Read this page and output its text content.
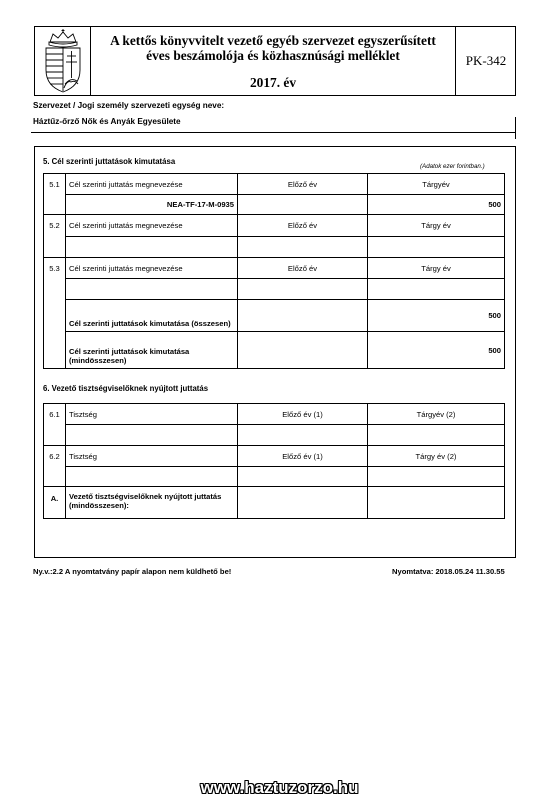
A kettős könyvvitelt vezető egyéb szervezet egyszerűsített
éves beszámolója és közhasznúsági melléklet
2017. év
PK-342
Szervezet / Jogi személy szervezeti egység neve:
Háztűz-őrző Nők és Anyák Egyesülete
5. Cél szerinti juttatások kimutatása
(Adatok ezer forintban.)
5.1	Cél szerinti juttatás megnevezése	Előző év	Tárgyév
	NEA-TF-17-M-0935		500
5.2	Cél szerinti juttatás megnevezése	Előző év	Tárgy év

5.3	Cél szerinti juttatás megnevezése	Előző év	Tárgy év

	Cél szerinti juttatások kimutatása (összesen)		500
	Cél szerinti juttatások kimutatása (mindösszesen)		500
6. Vezető tisztségviselőknek nyújtott juttatás
6.1	Tisztség	Előző év (1)	Tárgyév (2)

6.2	Tisztség	Előző év (1)	Tárgy év (2)

A.	Vezető tisztségviselőknek nyújtott juttatás (mindösszesen):		
Ny.v.:2.2 A nyomtatvány papír alapon nem küldhető be!	Nyomtatva: 2018.05.24 11.30.55
www.haztuzorzo.hu
